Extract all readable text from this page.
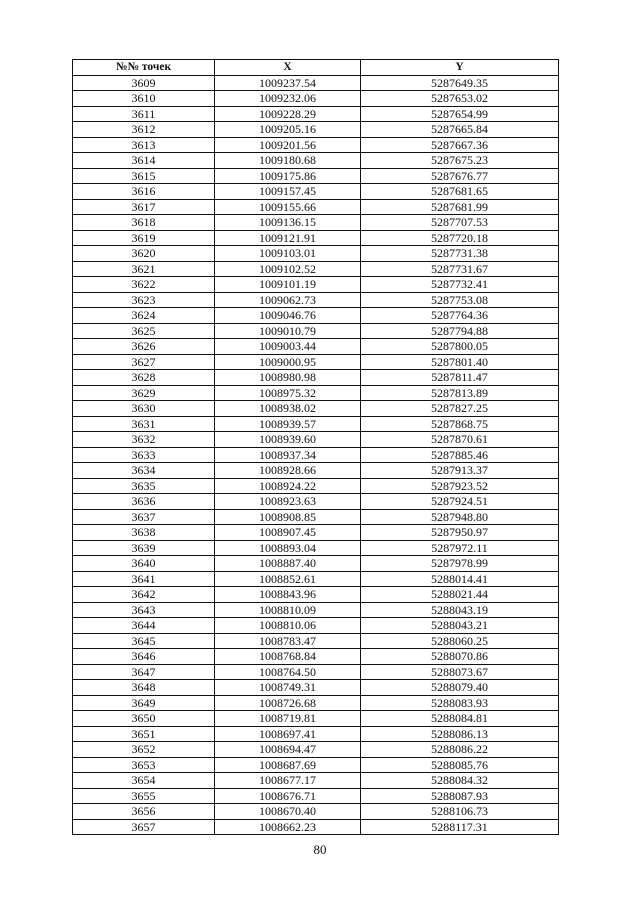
№№ точек	X	Y
3609	1009237.54	5287649.35
3610	1009232.06	5287653.02
3611	1009228.29	5287654.99
3612	1009205.16	5287665.84
3613	1009201.56	5287667.36
3614	1009180.68	5287675.23
3615	1009175.86	5287676.77
3616	1009157.45	5287681.65
3617	1009155.66	5287681.99
3618	1009136.15	5287707.53
3619	1009121.91	5287720.18
3620	1009103.01	5287731.38
3621	1009102.52	5287731.67
3622	1009101.19	5287732.41
3623	1009062.73	5287753.08
3624	1009046.76	5287764.36
3625	1009010.79	5287794.88
3626	1009003.44	5287800.05
3627	1009000.95	5287801.40
3628	1008980.98	5287811.47
3629	1008975.32	5287813.89
3630	1008938.02	5287827.25
3631	1008939.57	5287868.75
3632	1008939.60	5287870.61
3633	1008937.34	5287885.46
3634	1008928.66	5287913.37
3635	1008924.22	5287923.52
3636	1008923.63	5287924.51
3637	1008908.85	5287948.80
3638	1008907.45	5287950.97
3639	1008893.04	5287972.11
3640	1008887.40	5287978.99
3641	1008852.61	5288014.41
3642	1008843.96	5288021.44
3643	1008810.09	5288043.19
3644	1008810.06	5288043.21
3645	1008783.47	5288060.25
3646	1008768.84	5288070.86
3647	1008764.50	5288073.67
3648	1008749.31	5288079.40
3649	1008726.68	5288083.93
3650	1008719.81	5288084.81
3651	1008697.41	5288086.13
3652	1008694.47	5288086.22
3653	1008687.69	5288085.76
3654	1008677.17	5288084.32
3655	1008676.71	5288087.93
3656	1008670.40	5288106.73
3657	1008662.23	5288117.31
80
